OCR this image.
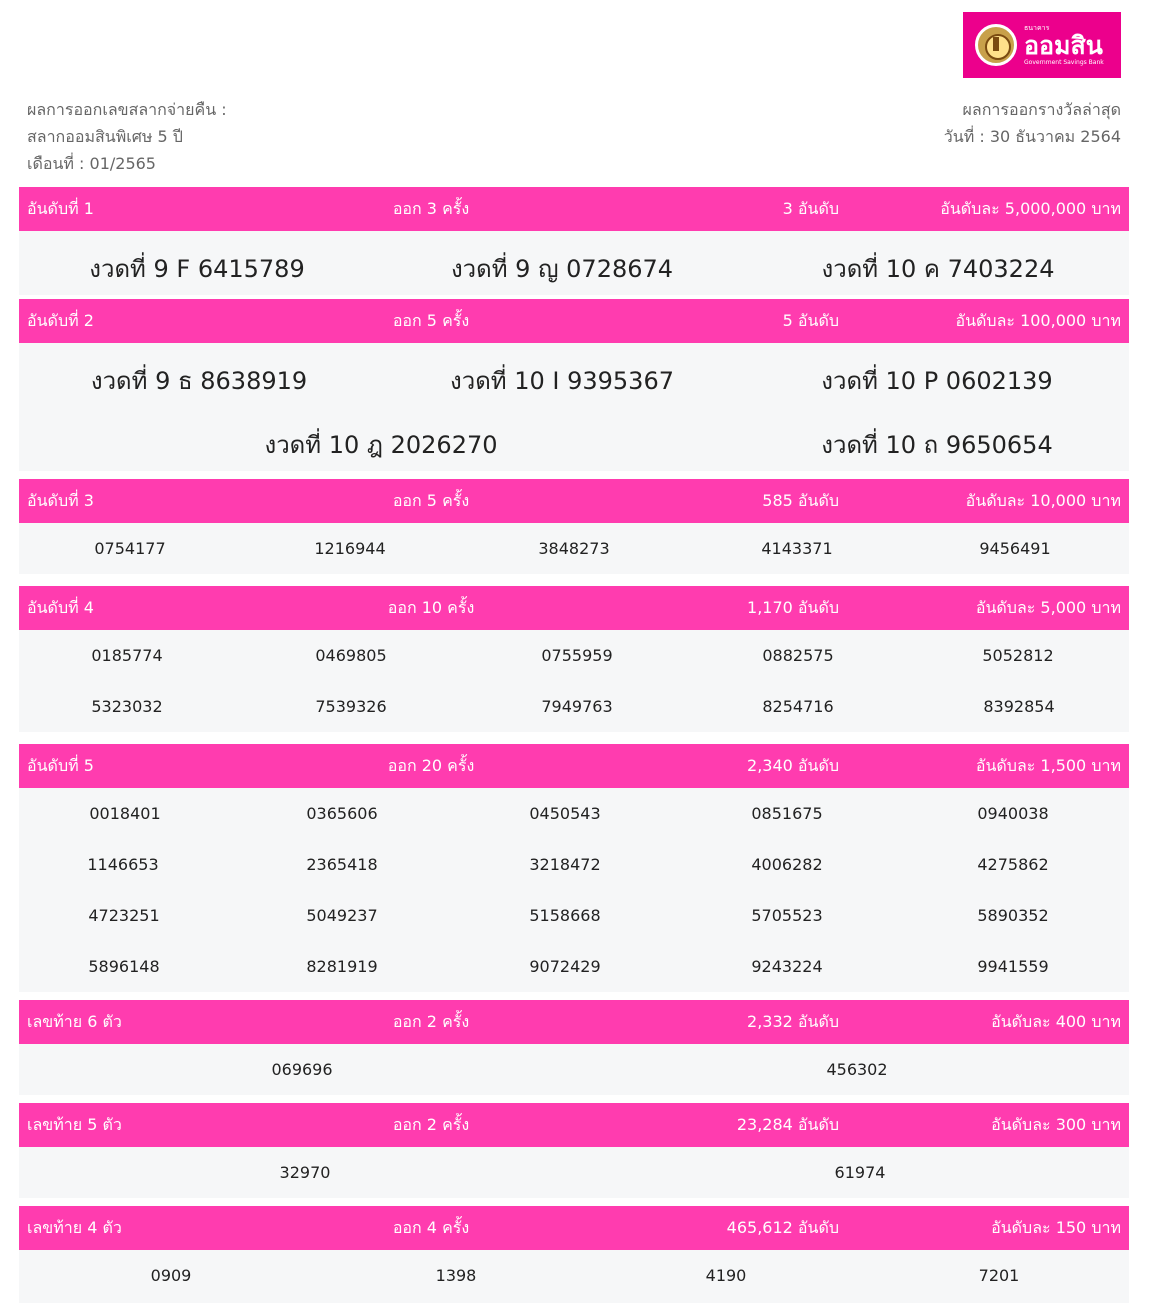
ธนาคาร
ออมสิน
Government Savings Bank
ผลการออกเลขสลากจ่ายคืน :
สลากออมสินพิเศษ 5 ปี
เดือนที่ : 01/2565
ผลการออกรางวัลล่าสุด
วันที่ : 30 ธันวาคม 2564
อันดับที่ 1	ออก 3 ครั้ง	3 อันดับ	อันดับละ 5,000,000 บาท
งวดที่ 9 F 6415789	งวดที่ 9 ญ 0728674	งวดที่ 10 ค 7403224
อันดับที่ 2	ออก 5 ครั้ง	5 อันดับ	อันดับละ 100,000 บาท
งวดที่ 9 ธ 8638919	งวดที่ 10 I 9395367	งวดที่ 10 P 0602139
งวดที่ 10 ฎ 2026270	งวดที่ 10 ถ 9650654
อันดับที่ 3	ออก 5 ครั้ง	585 อันดับ	อันดับละ 10,000 บาท
0754177	1216944	3848273	4143371	9456491
อันดับที่ 4	ออก 10 ครั้ง	1,170 อันดับ	อันดับละ 5,000 บาท
0185774	0469805	0755959	0882575	5052812
5323032	7539326	7949763	8254716	8392854
อันดับที่ 5	ออก 20 ครั้ง	2,340 อันดับ	อันดับละ 1,500 บาท
0018401	0365606	0450543	0851675	0940038
1146653	2365418	3218472	4006282	4275862
4723251	5049237	5158668	5705523	5890352
5896148	8281919	9072429	9243224	9941559
เลขท้าย 6 ตัว	ออก 2 ครั้ง	2,332 อันดับ	อันดับละ 400 บาท
069696	456302
เลขท้าย 5 ตัว	ออก 2 ครั้ง	23,284 อันดับ	อันดับละ 300 บาท
32970	61974
เลขท้าย 4 ตัว	ออก 4 ครั้ง	465,612 อันดับ	อันดับละ 150 บาท
0909	1398	4190	7201
